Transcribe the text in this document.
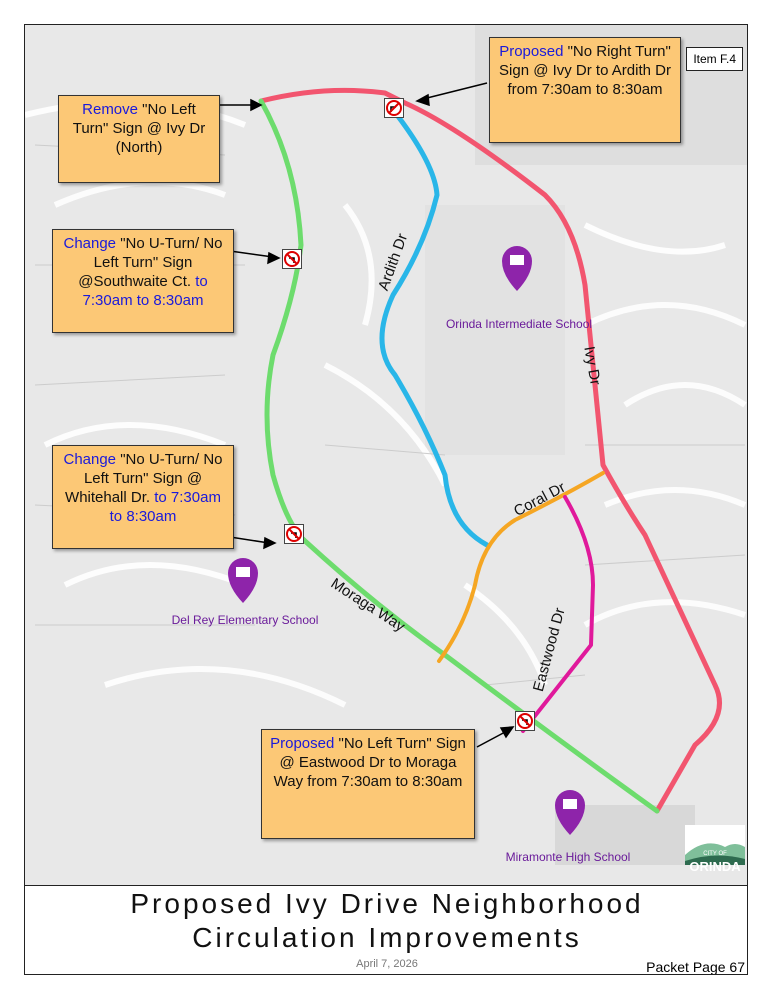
Ardith Dr
Ivy Dr
Coral Dr
Eastwood Dr
Moraga Way
Orinda Intermediate School
Del Rey Elementary School
Miramonte High School
Item F.4
Remove "No Left Turn" Sign @ Ivy Dr (North)
Proposed "No Right Turn" Sign @ Ivy Dr to Ardith Dr from 7:30am to 8:30am
Change "No U-Turn/ No Left Turn" Sign @Southwaite Ct. to 7:30am to 8:30am
Change "No U-Turn/ No Left Turn" Sign @ Whitehall Dr. to 7:30am to 8:30am
Proposed "No Left Turn" Sign @ Eastwood Dr to Moraga Way from 7:30am to 8:30am
CITY OF
ORINDA
Proposed Ivy Drive Neighborhood
Circulation Improvements
April 7, 2026	Packet Page 67
